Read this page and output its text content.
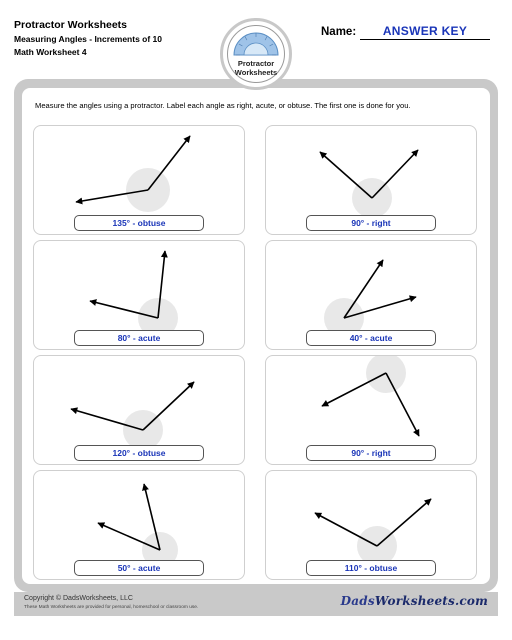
Protractor Worksheets
Measuring Angles - Increments of 10
Math Worksheet 4
Protractor
Worksheets
Name:	ANSWER KEY
Measure the angles using a protractor. Label each angle as right, acute, or obtuse. The first one is done for you.
135° - obtuse	90° - right
80° - acute	40° - acute
120° - obtuse	90° - right
50° - acute	110° - obtuse
Copyright © DadsWorksheets, LLC
These Math Worksheets are provided for personal, homeschool or classroom use.	DadsWorksheets.com
